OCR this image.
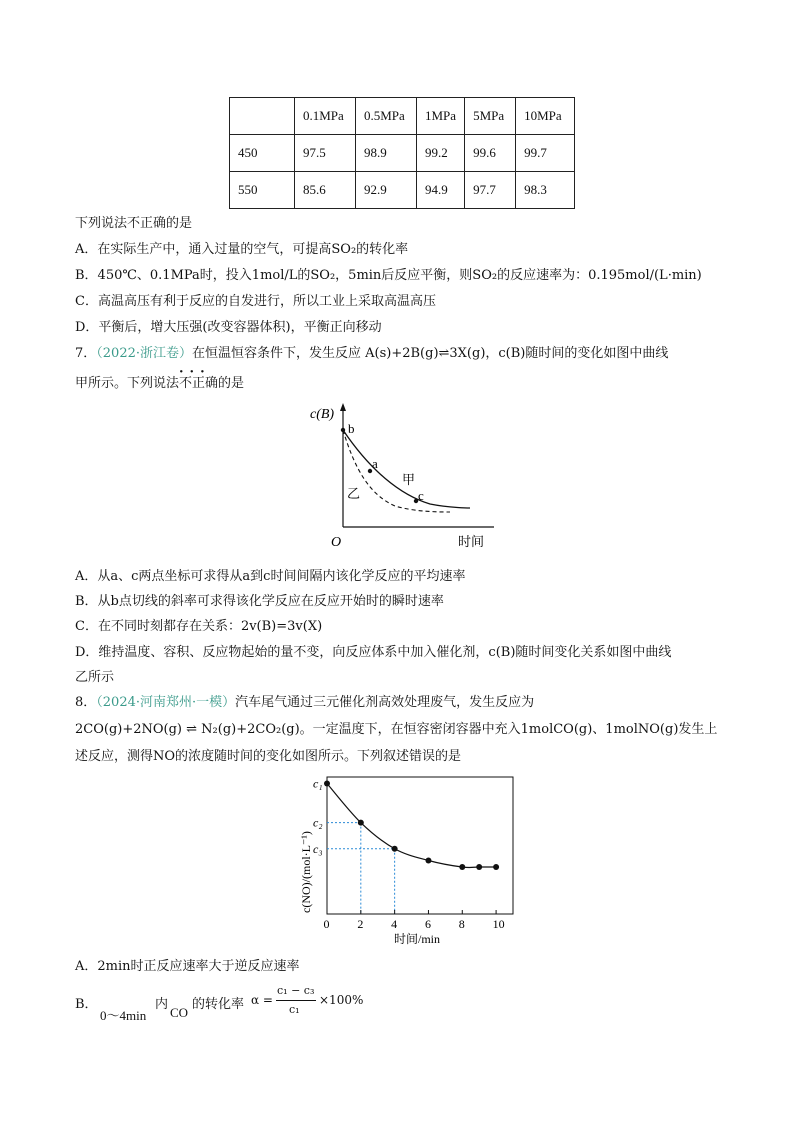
	0.1MPa	0.5MPa	1MPa	5MPa	10MPa
450	97.5	98.9	99.2	99.6	99.7
550	85.6	92.9	94.9	97.7	98.3
下列说法不正确的是
A．在实际生产中，通入过量的空气，可提高SO₂的转化率
B．450℃、0.1MPa时，投入1mol/L的SO₂，5min后反应平衡，则SO₂的反应速率为：0.195mol/(L·min)
C．高温高压有利于反应的自发进行，所以工业上采取高温高压
D．平衡后，增大压强(改变容器体积)，平衡正向移动
7．（2022·浙江卷）在恒温恒容条件下，发生反应 A(s)+2B(g)⇌3X(g)，c(B)随时间的变化如图中曲线
甲所示。下列说法
···
不正确的是
c(B)
b
a
c
甲
乙
O	时间
A．从a、c两点坐标可求得从a到c时间间隔内该化学反应的平均速率
B．从b点切线的斜率可求得该化学反应在反应开始时的瞬时速率
C．在不同时刻都存在关系：2v(B)=3v(X)
D．维持温度、容积、反应物起始的量不变，向反应体系中加入催化剂，c(B)随时间变化关系如图中曲线
乙所示
8．（2024·河南郑州·一模）汽车尾气通过三元催化剂高效处理废气，发生反应为
2CO(g)+2NO(g) ⇌ N₂(g)+2CO₂(g)。一定温度下，在恒容密闭容器中充入1molCO(g)、1molNO(g)发生上
述反应，测得NO的浓度随时间的变化如图所示。下列叙述错误的是
0 2 4 6 8 10
c₁
c₂
c₃
c(NO)/(mol·L⁻¹)
时间/min
A．2min时正反应速率大于逆反应速率
B．
0～4min
内
CO
的转化率 α =
c₁ − c₃
c₁
×100%
